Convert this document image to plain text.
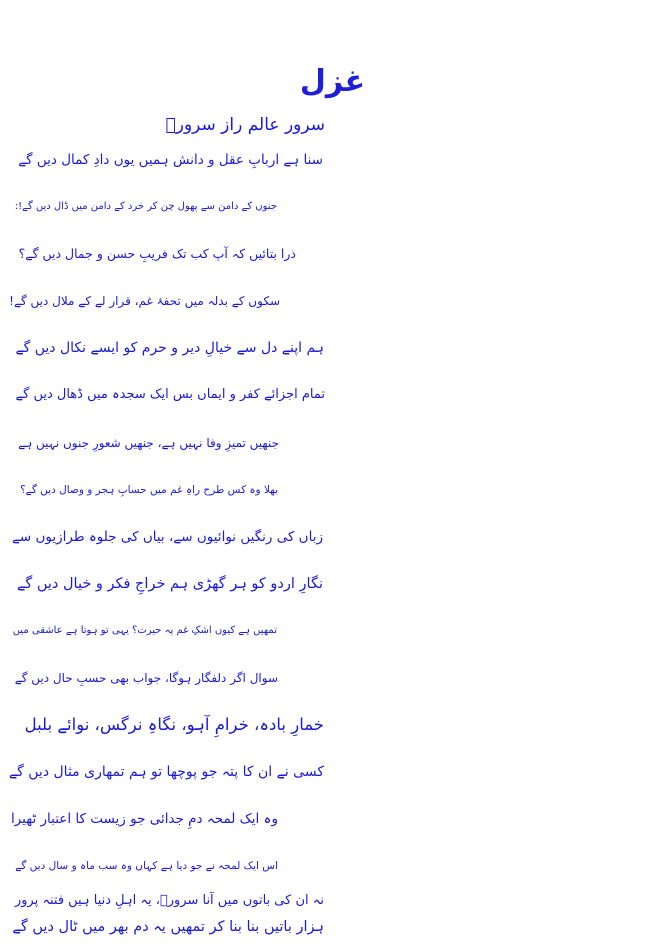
غزل
سرور عالم راز سرورؔ
سنا ہے اربابِ عقل و دانش ہمیں یوں دادِ کمال دیں گے
جنوں کے دامن سے پھول چن کر خرد کے دامن میں ڈال دیں گے!:
ذرا بتائیں کہ آپ کب تک فریبِ حسن و جمال دیں گے؟
سکوں کے بدلہ میں تحفۂ غم، قرار لے کے ملال دیں گے!
ہم اپنے دل سے خیالِ دیر و حرم کو ایسے نکال دیں گے
تمام اجزائے کفر و ایماں بس ایک سجدہ میں ڈھال دیں گے
جنھیں تمیزِ وفا نہیں ہے، جنھیں شعورِ جنوں نہیں ہے
بھلا وہ کس طرح راہِ غم میں حسابِ ہجر و وصال دیں گے؟
زباں کی رنگیں نوائیوں سے، بیاں کی جلوہ طرازیوں سے
نگارِ اردو کو ہر گھڑی ہم خراجِ فکر و خیال دیں گے
تمھیں ہے کیوں اشکِ غم پہ حیرت؟ یہی تو ہوتا ہے عاشقی میں
سوال اگر دلفگار ہوگا، جواب بھی حسبِ حال دیں گے
خمارِ بادہ، خرامِ آہو، نگاہِ نرگس، نوائے بلبل
کسی نے ان کا پتہ جو پوچھا تو ہم تمھاری مثال دیں گے
وہ ایک لمحہ دمِ جدائی جو زیست کا اعتبار ٹھیرا
اس ایک لمحہ نے جو دیا ہے کہاں وہ سب ماہ و سال دیں گے
نہ ان کی باتوں میں آنا سرورؔ، یہ اہلِ دنیا ہیں فتنہ پرور
ہزار باتیں بنا بنا کر تمھیں یہ دم بھر میں ٹال دیں گے
